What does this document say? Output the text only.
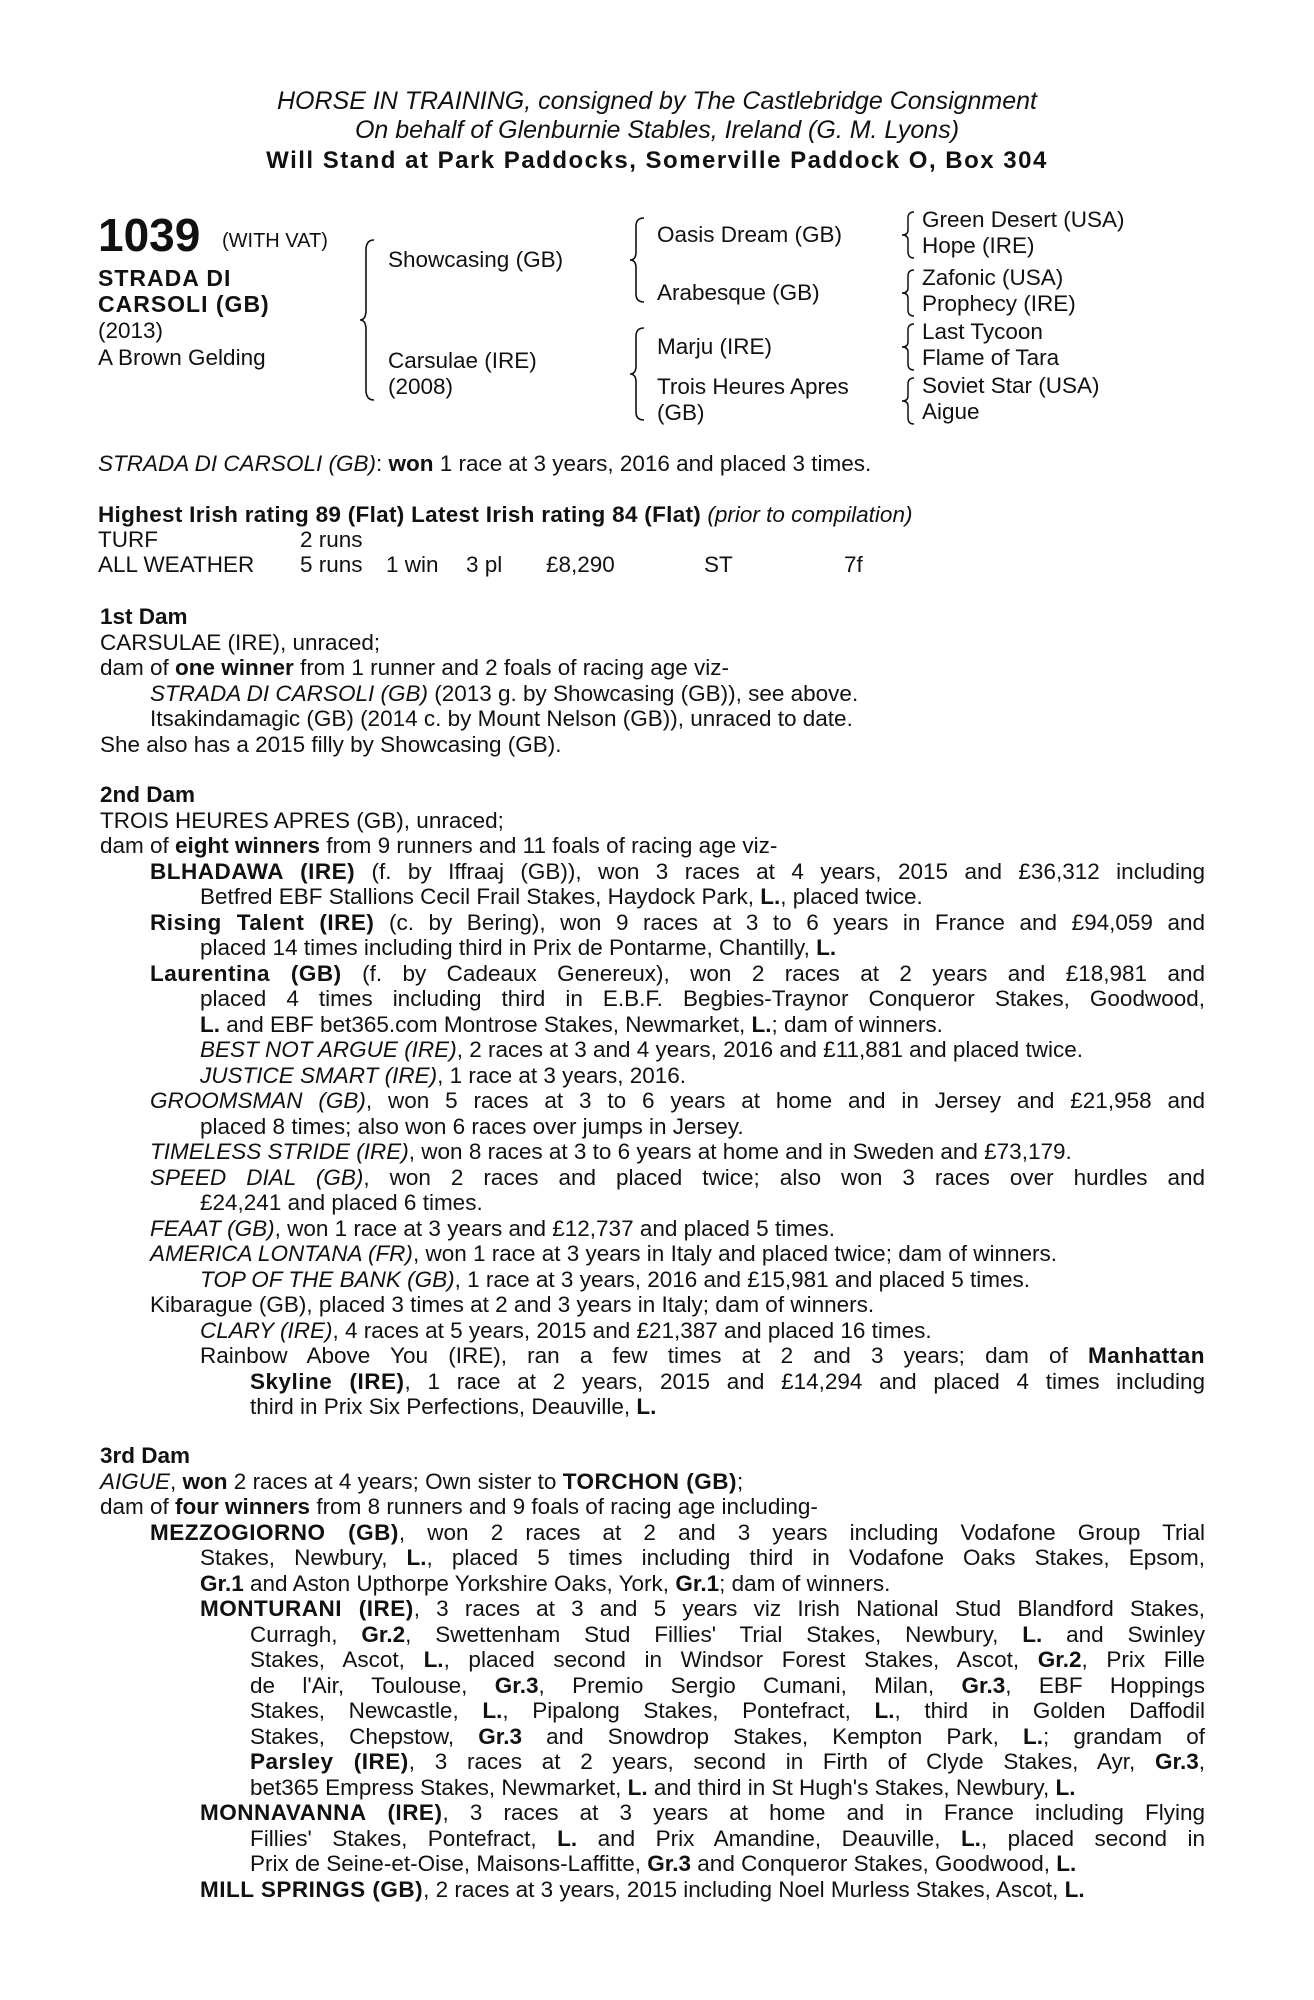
HORSE IN TRAINING, consigned by The Castlebridge Consignment
On behalf of Glenburnie Stables, Ireland (G. M. Lyons)
Will Stand at Park Paddocks, Somerville Paddock O, Box 304
1039 (WITH VAT)
STRADA DI
CARSOLI (GB)
(2013)
A Brown Gelding
Showcasing (GB)
Carsulae (IRE)
(2008)
Oasis Dream (GB)
Arabesque (GB)
Marju (IRE)
Trois Heures Apres
(GB)
Green Desert (USA)
Hope (IRE)
Zafonic (USA)
Prophecy (IRE)
Last Tycoon
Flame of Tara
Soviet Star (USA)
Aigue
STRADA DI CARSOLI (GB): won 1 race at 3 years, 2016 and placed 3 times.
Highest Irish rating 89 (Flat) Latest Irish rating 84 (Flat) (prior to compilation)
TURF	2 runs
ALL WEATHER 5 runs 1 win 3 pl £8,290	ST	7f
1st Dam
CARSULAE (IRE), unraced;
dam of one winner from 1 runner and 2 foals of racing age viz-
STRADA DI CARSOLI (GB) (2013 g. by Showcasing (GB)), see above.
Itsakindamagic (GB) (2014 c. by Mount Nelson (GB)), unraced to date.
She also has a 2015 filly by Showcasing (GB).
2nd Dam
TROIS HEURES APRES (GB), unraced;
dam of eight winners from 9 runners and 11 foals of racing age viz-
BLHADAWA (IRE) (f. by Iffraaj (GB)), won 3 races at 4 years, 2015 and £36,312 including
Betfred EBF Stallions Cecil Frail Stakes, Haydock Park, L., placed twice.
Rising Talent (IRE) (c. by Bering), won 9 races at 3 to 6 years in France and £94,059 and
placed 14 times including third in Prix de Pontarme, Chantilly, L.
Laurentina (GB) (f. by Cadeaux Genereux), won 2 races at 2 years and £18,981 and
placed 4 times including third in E.B.F. Begbies-Traynor Conqueror Stakes, Goodwood,
L. and EBF bet365.com Montrose Stakes, Newmarket, L.; dam of winners.
BEST NOT ARGUE (IRE), 2 races at 3 and 4 years, 2016 and £11,881 and placed twice.
JUSTICE SMART (IRE), 1 race at 3 years, 2016.
GROOMSMAN (GB), won 5 races at 3 to 6 years at home and in Jersey and £21,958 and
placed 8 times; also won 6 races over jumps in Jersey.
TIMELESS STRIDE (IRE), won 8 races at 3 to 6 years at home and in Sweden and £73,179.
SPEED DIAL (GB), won 2 races and placed twice; also won 3 races over hurdles and
£24,241 and placed 6 times.
FEAAT (GB), won 1 race at 3 years and £12,737 and placed 5 times.
AMERICA LONTANA (FR), won 1 race at 3 years in Italy and placed twice; dam of winners.
TOP OF THE BANK (GB), 1 race at 3 years, 2016 and £15,981 and placed 5 times.
Kibarague (GB), placed 3 times at 2 and 3 years in Italy; dam of winners.
CLARY (IRE), 4 races at 5 years, 2015 and £21,387 and placed 16 times.
Rainbow Above You (IRE), ran a few times at 2 and 3 years; dam of Manhattan
Skyline (IRE), 1 race at 2 years, 2015 and £14,294 and placed 4 times including
third in Prix Six Perfections, Deauville, L.
3rd Dam
AIGUE, won 2 races at 4 years; Own sister to TORCHON (GB);
dam of four winners from 8 runners and 9 foals of racing age including-
MEZZOGIORNO (GB), won 2 races at 2 and 3 years including Vodafone Group Trial
Stakes, Newbury, L., placed 5 times including third in Vodafone Oaks Stakes, Epsom,
Gr.1 and Aston Upthorpe Yorkshire Oaks, York, Gr.1; dam of winners.
MONTURANI (IRE), 3 races at 3 and 5 years viz Irish National Stud Blandford Stakes,
Curragh, Gr.2, Swettenham Stud Fillies' Trial Stakes, Newbury, L. and Swinley
Stakes, Ascot, L., placed second in Windsor Forest Stakes, Ascot, Gr.2, Prix Fille
de l'Air, Toulouse, Gr.3, Premio Sergio Cumani, Milan, Gr.3, EBF Hoppings
Stakes, Newcastle, L., Pipalong Stakes, Pontefract, L., third in Golden Daffodil
Stakes, Chepstow, Gr.3 and Snowdrop Stakes, Kempton Park, L.; grandam of
Parsley (IRE), 3 races at 2 years, second in Firth of Clyde Stakes, Ayr, Gr.3,
bet365 Empress Stakes, Newmarket, L. and third in St Hugh's Stakes, Newbury, L.
MONNAVANNA (IRE), 3 races at 3 years at home and in France including Flying
Fillies' Stakes, Pontefract, L. and Prix Amandine, Deauville, L., placed second in
Prix de Seine-et-Oise, Maisons-Laffitte, Gr.3 and Conqueror Stakes, Goodwood, L.
MILL SPRINGS (GB), 2 races at 3 years, 2015 including Noel Murless Stakes, Ascot, L.
